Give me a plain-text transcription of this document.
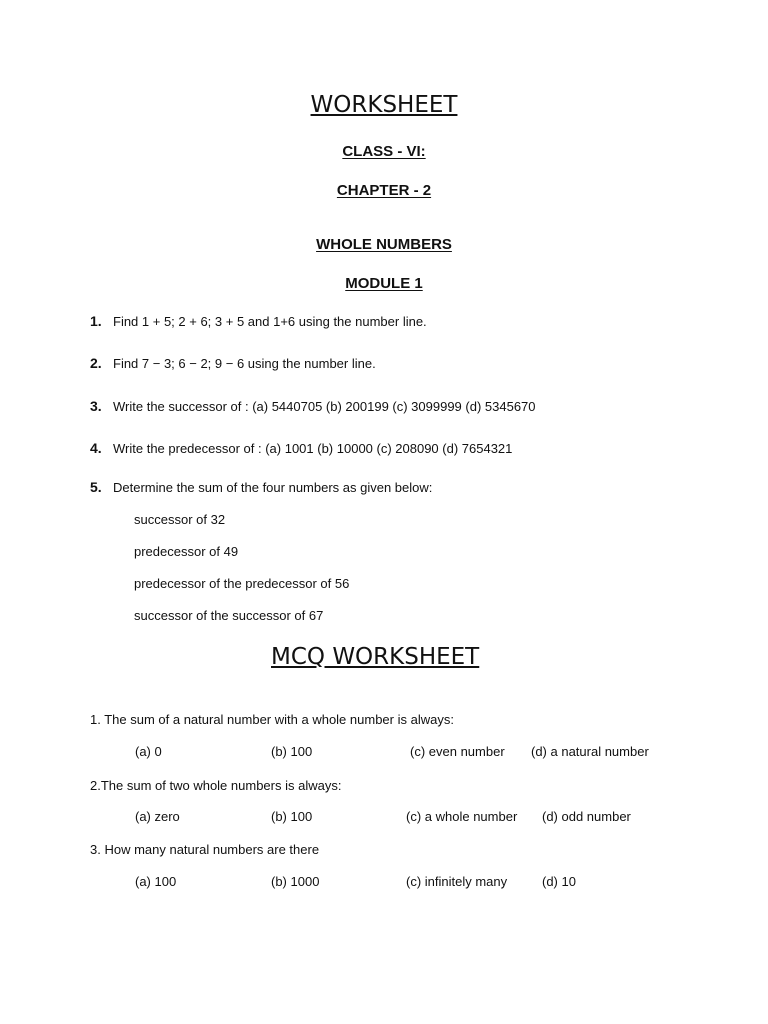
WORKSHEET
CLASS - VI:
CHAPTER - 2
WHOLE NUMBERS
MODULE 1
1. Find 1 + 5; 2 + 6; 3 + 5 and 1+6 using the number line.
2. Find 7 − 3; 6 − 2; 9 − 6 using the number line.
3. Write the successor of : (a) 5440705 (b) 200199 (c) 3099999 (d) 5345670
4. Write the predecessor of : (a) 1001 (b) 10000 (c) 208090 (d) 7654321
5. Determine the sum of the four numbers as given below:
successor of 32
predecessor of 49
predecessor of the predecessor of 56
successor of the successor of 67
MCQ WORKSHEET
1. The sum of a natural number with a whole number is always:
(a) 0	(b) 100	(c) even number (d) a natural number
2.The sum of two whole numbers is always:
(a) zero	(b) 100	(c) a whole number (d) odd number
3. How many natural numbers are there
(a) 100	(b) 1000	(c) infinitely many	(d) 10
